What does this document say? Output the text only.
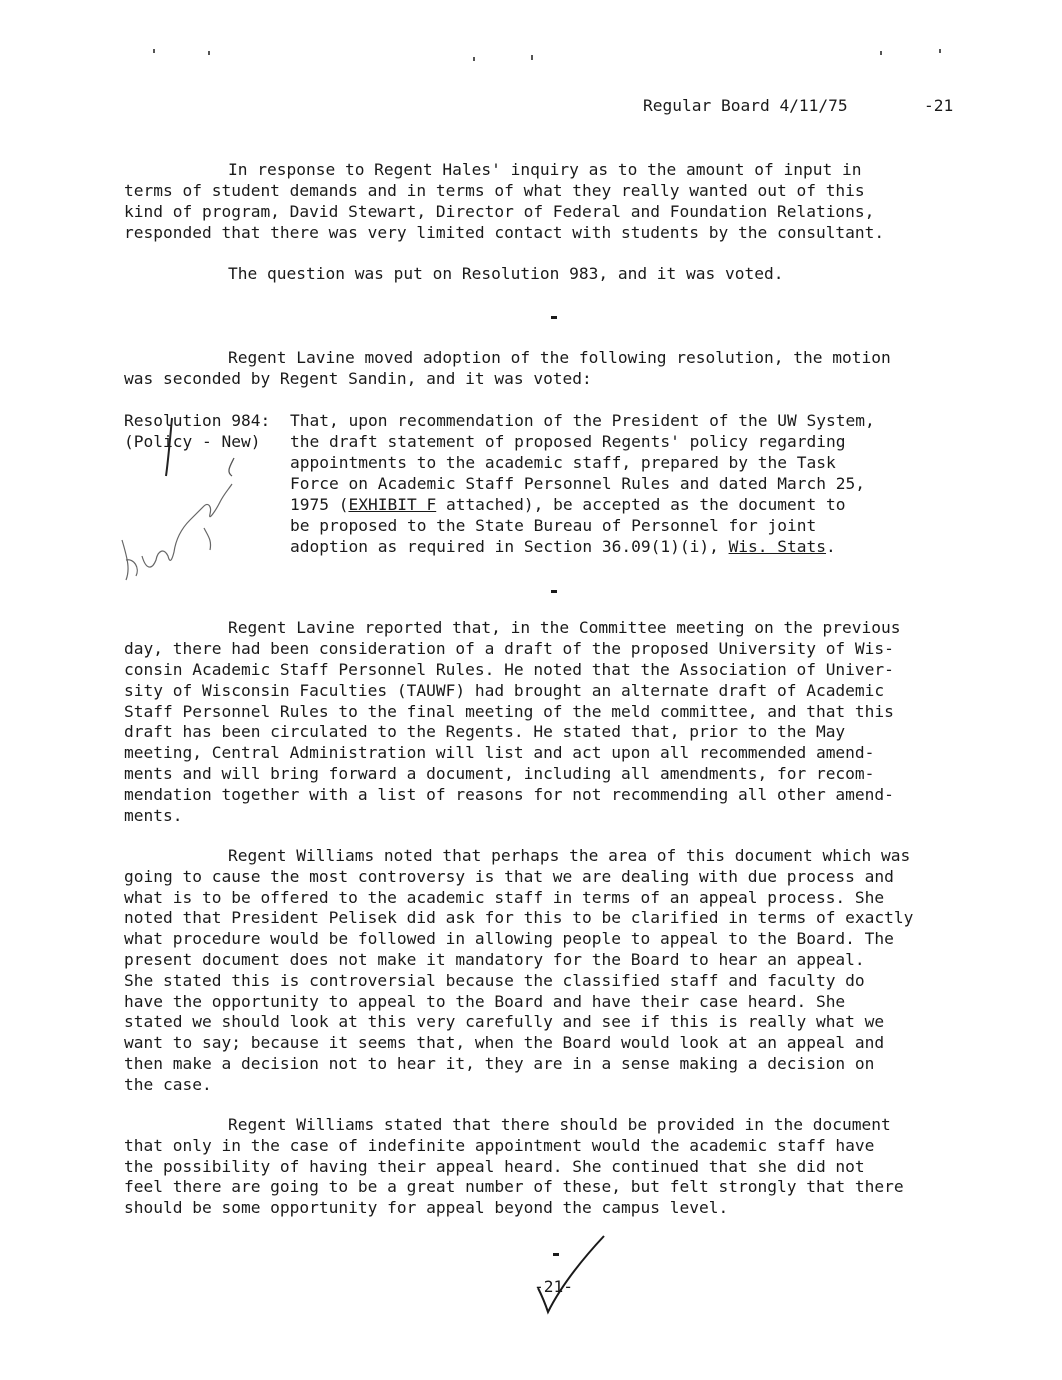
Regular Board 4/11/75	-21
In response to Regent Hales' inquiry as to the amount of input in
terms of student demands and in terms of what they really wanted out of this
kind of program, David Stewart, Director of Federal and Foundation Relations,
responded that there was very limited contact with students by the consultant.
The question was put on Resolution 983, and it was voted.
Regent Lavine moved adoption of the following resolution, the motion
was seconded by Regent Sandin, and it was voted:
Resolution 984:
(Policy - New)
That, upon recommendation of the President of the UW System,
the draft statement of proposed Regents' policy regarding
appointments to the academic staff, prepared by the Task
Force on Academic Staff Personnel Rules and dated March 25,
1975 (EXHIBIT F attached), be accepted as the document to
be proposed to the State Bureau of Personnel for joint
adoption as required in Section 36.09(1)(i), Wis. Stats.
Regent Lavine reported that, in the Committee meeting on the previous
day, there had been consideration of a draft of the proposed University of Wis-
consin Academic Staff Personnel Rules. He noted that the Association of Univer-
sity of Wisconsin Faculties (TAUWF) had brought an alternate draft of Academic
Staff Personnel Rules to the final meeting of the meld committee, and that this
draft has been circulated to the Regents. He stated that, prior to the May
meeting, Central Administration will list and act upon all recommended amend-
ments and will bring forward a document, including all amendments, for recom-
mendation together with a list of reasons for not recommending all other amend-
ments.
Regent Williams noted that perhaps the area of this document which was
going to cause the most controversy is that we are dealing with due process and
what is to be offered to the academic staff in terms of an appeal process. She
noted that President Pelisek did ask for this to be clarified in terms of exactly
what procedure would be followed in allowing people to appeal to the Board. The
present document does not make it mandatory for the Board to hear an appeal.
She stated this is controversial because the classified staff and faculty do
have the opportunity to appeal to the Board and have their case heard. She
stated we should look at this very carefully and see if this is really what we
want to say; because it seems that, when the Board would look at an appeal and
then make a decision not to hear it, they are in a sense making a decision on
the case.
Regent Williams stated that there should be provided in the document
that only in the case of indefinite appointment would the academic staff have
the possibility of having their appeal heard. She continued that she did not
feel there are going to be a great number of these, but felt strongly that there
should be some opportunity for appeal beyond the campus level.
-21-
